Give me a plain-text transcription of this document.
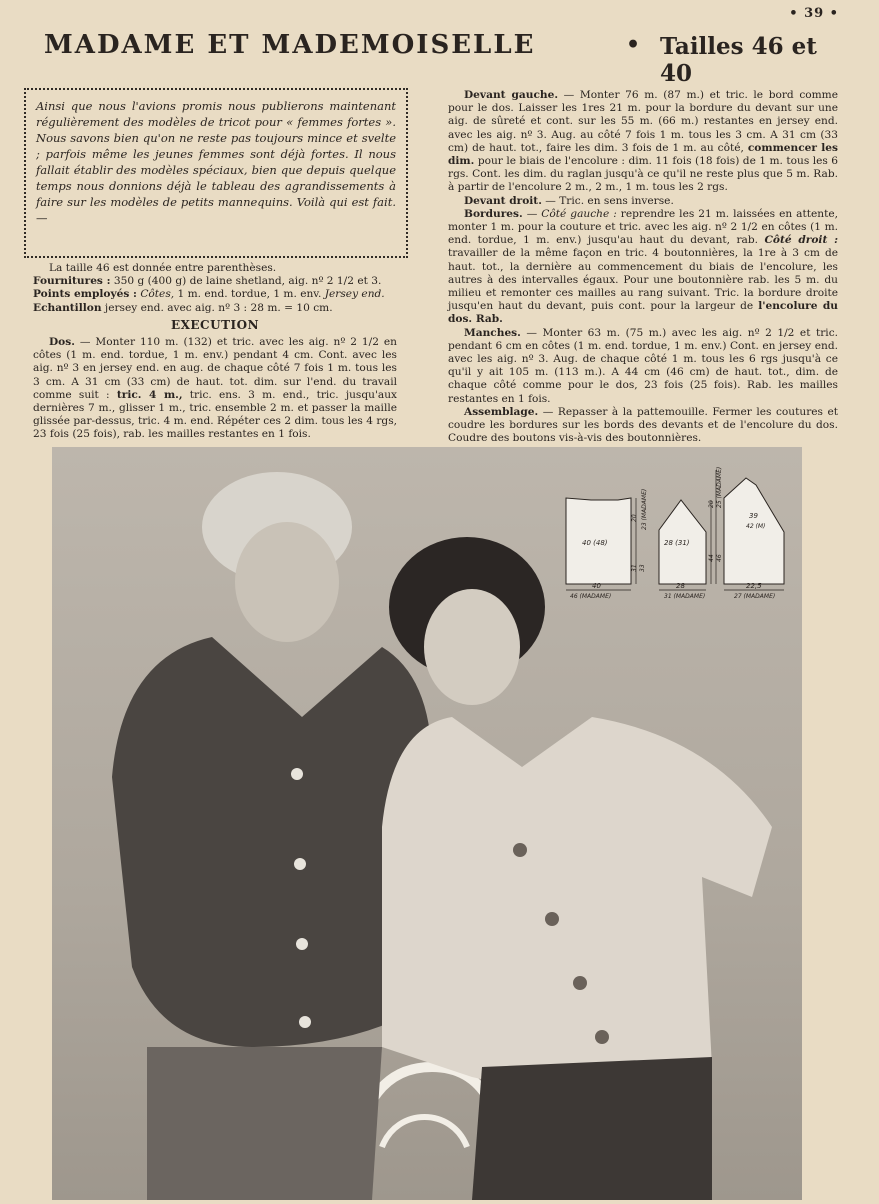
• 39 •
MADAME ET MADEMOISELLE	• Tailles 46 et 40
Ainsi que nous l'avions promis nous publierons maintenant régulièrement des modèles de tricot pour « femmes fortes ». Nous savons bien qu'on ne reste pas toujours mince et svelte ; parfois même les jeunes femmes sont déjà fortes. Il nous fallait établir des modèles spéciaux, bien que depuis quelque temps nous donnions déjà le tableau des agrandissements à faire sur les modèles de petits mannequins. Voilà qui est fait. —

La taille 46 est donnée entre parenthèses.

Fournitures : 350 g (400 g) de laine shetland, aig. nº 2 1/2 et 3.

Points employés : Côtes, 1 m. end. tordue, 1 m. env. Jersey end.

Echantillon jersey end. avec aig. nº 3 : 28 m. = 10 cm.

EXECUTION

Dos. — Monter 110 m. (132) et tric. avec les aig. nº 2 1/2 en côtes (1 m. end. tordue, 1 m. env.) pendant 4 cm. Cont. avec les aig. nº 3 en jersey end. en aug. de chaque côté 7 fois 1 m. tous les 3 cm. A 31 cm (33 cm) de haut. tot. dim. sur l'end. du travail comme suit : tric. 4 m., tric. ens. 3 m. end., tric. jusqu'aux dernières 7 m., glisser 1 m., tric. ensemble 2 m. et passer la maille glissée par-dessus, tric. 4 m. end. Répéter ces 2 dim. tous les 4 rgs, 23 fois (25 fois), rab. les mailles restantes en 1 fois.

Devant gauche. — Monter 76 m. (87 m.) et tric. le bord comme pour le dos. Laisser les 1res 21 m. pour la bordure du devant sur une aig. de sûreté et cont. sur les 55 m. (66 m.) restantes en jersey end. avec les aig. nº 3. Aug. au côté 7 fois 1 m. tous les 3 cm. A 31 cm (33 cm) de haut. tot., faire les dim. 3 fois de 1 m. au côté, commencer les dim. pour le biais de l'encolure : dim. 11 fois (18 fois) de 1 m. tous les 6 rgs. Cont. les dim. du raglan jusqu'à ce qu'il ne reste plus que 5 m. Rab. à partir de l'encolure 2 m., 2 m., 1 m. tous les 2 rgs.

Devant droit. — Tric. en sens inverse.

Bordures. — Côté gauche : reprendre les 21 m. laissées en attente, monter 1 m. pour la couture et tric. avec les aig. nº 2 1/2 en côtes (1 m. end. tordue, 1 m. env.) jusqu'au haut du devant, rab. Côté droit : travailler de la même façon en tric. 4 boutonnières, la 1re à 3 cm de haut. tot., la dernière au commencement du biais de l'encolure, les autres à des intervalles égaux. Pour une boutonnière rab. les 5 m. du milieu et remonter ces mailles au rang suivant. Tric. la bordure droite jusqu'en haut du devant, puis cont. pour la largeur de l'encolure du dos. Rab.

Manches. — Monter 63 m. (75 m.) avec les aig. nº 2 1/2 et tric. pendant 6 cm en côtes (1 m. end. tordue, 1 m. env.) Cont. en jersey end. avec les aig. nº 3. Aug. de chaque côté 1 m. tous les 6 rgs jusqu'à ce qu'il y ait 105 m. (113 m.). A 44 cm (46 cm) de haut. tot., dim. de chaque côté comme pour le dos, 23 fois (25 fois). Rab. les mailles restantes en 1 fois.

Assemblage. — Repasser à la pattemouille. Fermer les coutures et coudre les bordures sur les bords des devants et de l'encolure du dos. Coudre des boutons vis-à-vis des boutonnières.

40 (48)
40
46 (MADAME)
28 (31)
28
31 (MADAME)
39
42 (M)
22,5
27 (MADAME)
20 23 (MADAME)
31 33
20 25 (MADAME)
44 46
